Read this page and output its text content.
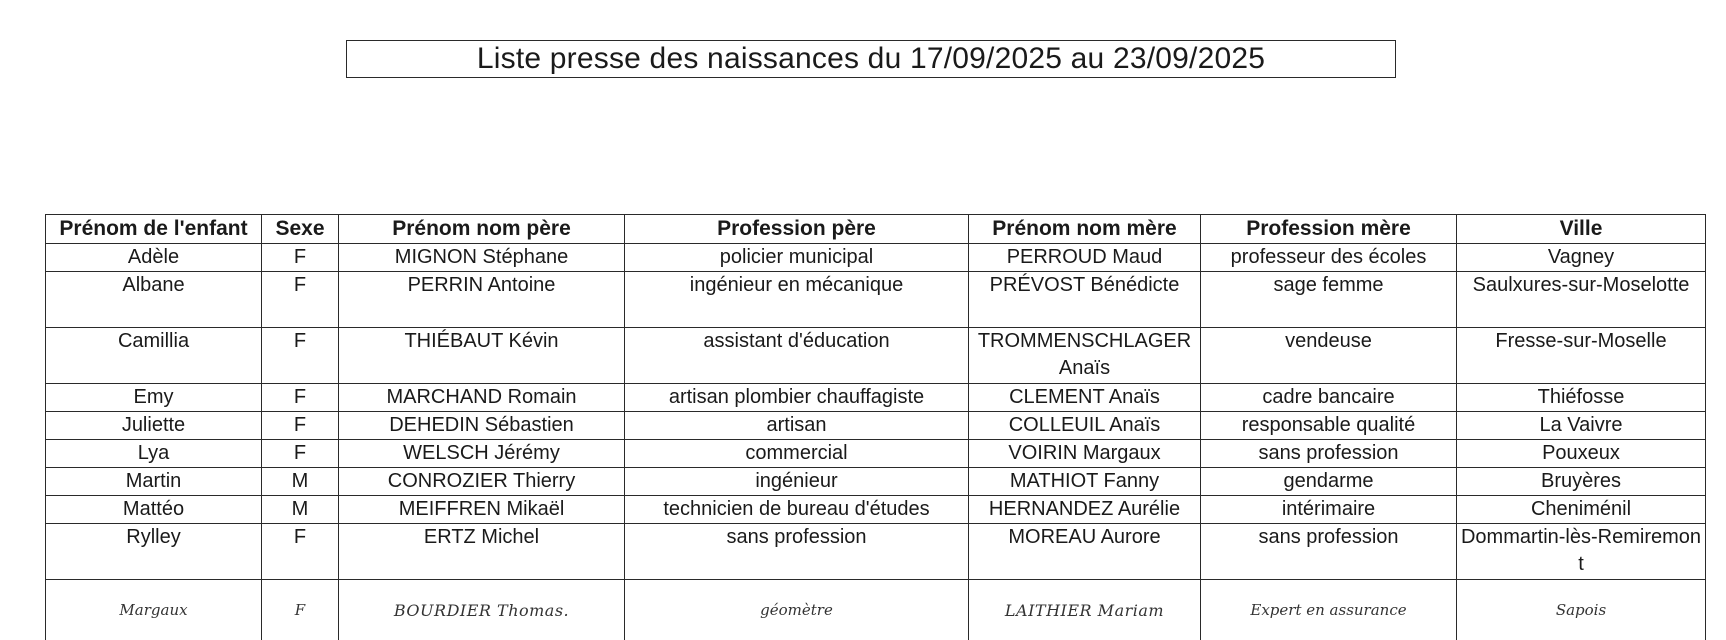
Liste presse des naissances du 17/09/2025 au 23/09/2025
Prénom de l'enfant	Sexe	Prénom nom père	Profession père	Prénom nom mère	Profession mère	Ville
Adèle	F	MIGNON Stéphane	policier municipal	PERROUD Maud	professeur des écoles	Vagney
Albane	F	PERRIN Antoine	ingénieur en mécanique	PRÉVOST Bénédicte	sage femme	Saulxures-sur-Moselotte
Camillia	F	THIÉBAUT Kévin	assistant d'éducation	TROMMENSCHLAGER Anaïs	vendeuse	Fresse-sur-Moselle
Emy	F	MARCHAND Romain	artisan plombier chauffagiste	CLEMENT Anaïs	cadre bancaire	Thiéfosse
Juliette	F	DEHEDIN Sébastien	artisan	COLLEUIL Anaïs	responsable qualité	La Vaivre
Lya	F	WELSCH Jérémy	commercial	VOIRIN Margaux	sans profession	Pouxeux
Martin	M	CONROZIER Thierry	ingénieur	MATHIOT Fanny	gendarme	Bruyères
Mattéo	M	MEIFFREN Mikaël	technicien de bureau d'études	HERNANDEZ Aurélie	intérimaire	Cheniménil
Rylley	F	ERTZ Michel	sans profession	MOREAU Aurore	sans profession	Dommartin-lès-Remiremont
Margaux	F	BOURDIER Thomas.	géomètre	LAITHIER Mariam	Expert en assurance	Sapois
